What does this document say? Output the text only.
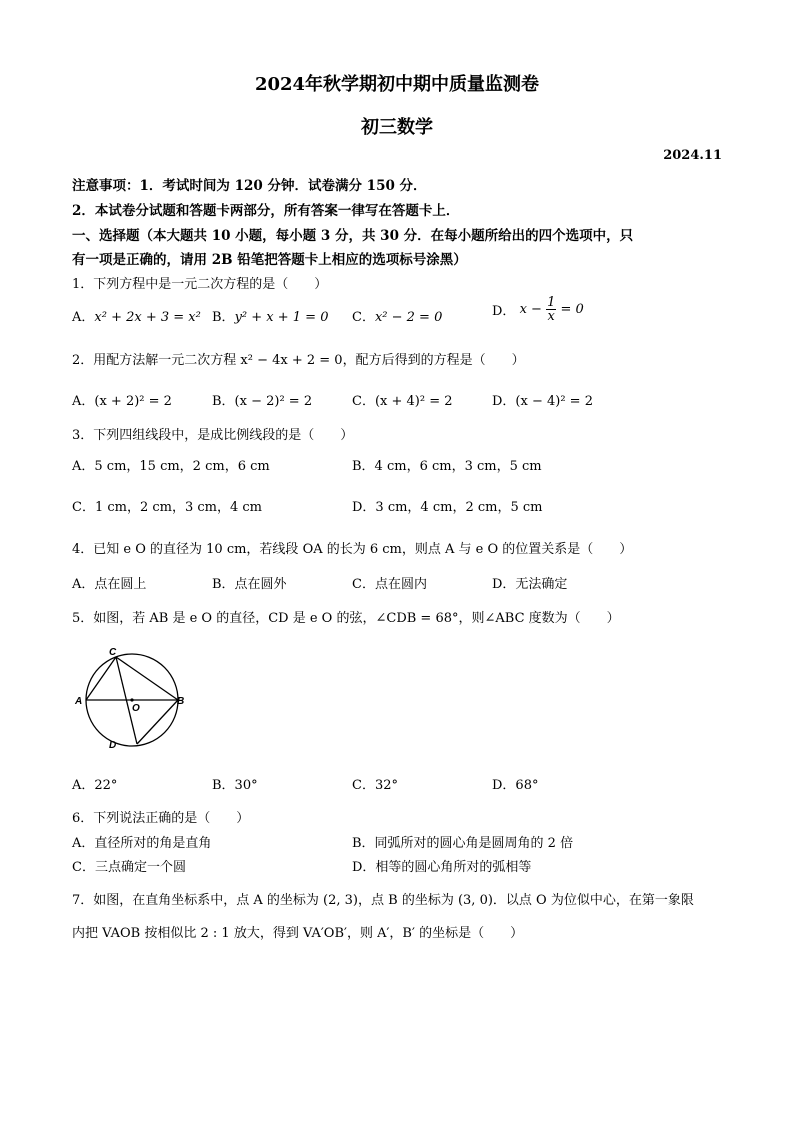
2024年秋学期初中期中质量监测卷
初三数学
2024.11
注意事项：1．考试时间为 120 分钟．试卷满分 150 分．
2．本试卷分试题和答题卡两部分，所有答案一律写在答题卡上．
一、选择题（本大题共 10 小题，每小题 3 分，共 30 分．在每小题所给出的四个选项中，只
有一项是正确的，请用 2B 铅笔把答题卡上相应的选项标号涂黑）
1．下列方程中是一元二次方程的是（　　）
A．x² + 2x + 3 = x² B．y² + x + 1 = 0 C．x² − 2 = 0	D． $x - \frac{1}{x} = 0$
2．用配方法解一元二次方程 x² − 4x + 2 = 0，配方后得到的方程是（　　）
A．(x + 2)² = 2	B．(x − 2)² = 2	C．(x + 4)² = 2	D．(x − 4)² = 2
3．下列四组线段中，是成比例线段的是（　　）
A．5 cm，15 cm，2 cm，6 cm	B．4 cm，6 cm，3 cm，5 cm
C．1 cm，2 cm，3 cm，4 cm	D．3 cm，4 cm，2 cm，5 cm
4．已知 e O 的直径为 10 cm，若线段 OA 的长为 6 cm，则点 A 与 e O 的位置关系是（　　）
A．点在圆上	B．点在圆外	C．点在圆内	D．无法确定
5．如图，若 AB 是 e O 的直径，CD 是 e O 的弦，∠CDB = 68°，则∠ABC 度数为（　　）
A	B
C
D
O
A．22°	B．30°	C．32°	D．68°
6．下列说法正确的是（　　）
A．直径所对的角是直角	B．同弧所对的圆心角是圆周角的 2 倍
C．三点确定一个圆	D．相等的圆心角所对的弧相等
7．如图，在直角坐标系中，点 A 的坐标为 (2, 3)，点 B 的坐标为 (3, 0)．以点 O 为位似中心，在第一象限
内把 VAOB 按相似比 2 : 1 放大，得到 VA′OB′，则 A′，B′ 的坐标是（　　）
